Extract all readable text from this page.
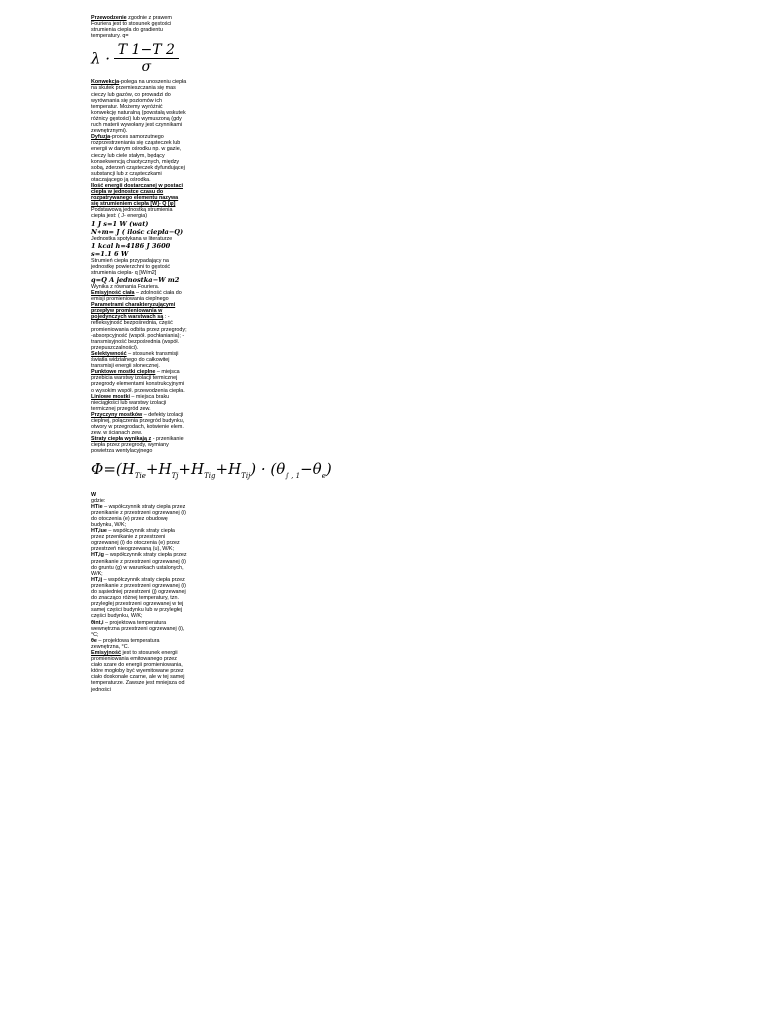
Przewodzenie zgodnie z prawem Fouriera jest to stosunek gęstości strumienia ciepła do gradientu temperatury. q=

$\lambda \cdot \frac{T 1-T 2}{\sigma}$

Konwekcja-polega na unoszeniu ciepła na skutek przemieszczania się mas cieczy lub gazów, co prowadzi do wyrównania się poziomów ich temperatur. Możemy wyróżnić konwekcję naturalną (powstałą wskutek różnicy gęstości) lub wymuszoną (gdy ruch materii wywołany jest czynnikami zewnętrznymi).

Dyfuzja-proces samorzutnego rozprzestrzeniania się cząsteczek lub energii w danym ośrodku np. w gazie, cieczy lub ciele stałym, będący konsekwencją chaotycznych, między sobą, zderzeń cząsteczek dyfundującej substancji lub z cząsteczkami otaczającego ją ośrodka.

Ilość energii dostarczanej w postaci ciepła w jednostce czasu do rozpatrywanego elementu nazywa się strumieniem ciepła [W]- Q [φ] Podstawową jednostką strumienia ciepła jest: ( J- energia)

1 J s=1 W (wat)

N∗m= J ( ilośc ciepła−Q)

Jednostka spotykana w literaturze

1 kcal h=4186 J 3600 s=1.1 6 W

Strumień ciepła przypadający na jednostkę powierzchni to gęstość strumienia ciepła- q [W/m2]

q=Q A jednostka−W m2

Wynika z równania Fouriera.

Emisyjność ciała – zdolność ciała do emisji promieniowania cieplnego

Parametrami charakteryzującymi przepływ promieniowania w pojedynczych warstwach są : -refleksyjność bezpośrednia, część promieniowania odbita przez przegrody; -absorpcyjność (współ. pochłaniania); -transmisyjność bezpośrednia (współ. przepuszczalności).

Selektywność – stosunek transmisji światła widzialnego do całkowitej transmisji energii słonecznej.

Punktowe mostki cieplne – miejsca przebicia warstwy izolacji termicznej przegrody elementami konstrukcyjnymi o wysokim współ. przewodzenia ciepła. Liniowe mostki – miejsca braku nieciągłości lub warstwy izolacji termicznej przegród zew.

Przyczyny mostków – defekty izolacji cieplnej, połączenia przegród budynku, otwory w przegrodach, kotwienie elem. zew. w ścianach zew.

Straty ciepła wynikają z - przenikanie ciepła przez przegrody, wymiany powietrza wentylacyjnego

$\Phi=(H_{Tie}+H_{Tj}+H_{Tig}+H_{Tij}) \cdot (\theta_{\int , 1}-\theta_e)$

W

gdzie:

HTie – współczynnik straty ciepła przez przenikanie z przestrzeni ogrzewanej (i) do otoczenia (e) przez obudowę budynku, W/K;

HT,iue – współczynnik straty ciepła przez przenikanie z przestrzeni ogrzewanej (i) do otoczenia (e) przez przestrzeń nieogrzewaną (u), W/K;

HT,ig – współczynnik straty ciepła przez przenikanie z przestrzeni ogrzewanej (i) do gruntu (g) w warunkach ustalonych, W/K;

HT,ij – współczynnik straty ciepła przez przenikanie z przestrzeni ogrzewanej (i) do sąsiedniej przestrzeni (j) ogrzewanej do znacząco różnej temperatury, tzn. przyległej przestrzeni ogrzewanej w tej samej części budynku lub w przyległej części budynku, W/K;

θint,i – projektowa temperatura wewnętrzna przestrzeni ogrzewanej (i), °C;

θe – projektowa temperatura zewnętrzna, °C.

Emisyjność jest to stosunek energii promieniowania emitowanego przez ciało szare do energii promieniowania, które mogłoby być wyemitowane przez ciało doskonale czarne, ale w tej samej temperaturze. Zawsze jest mniejsza od jedności
